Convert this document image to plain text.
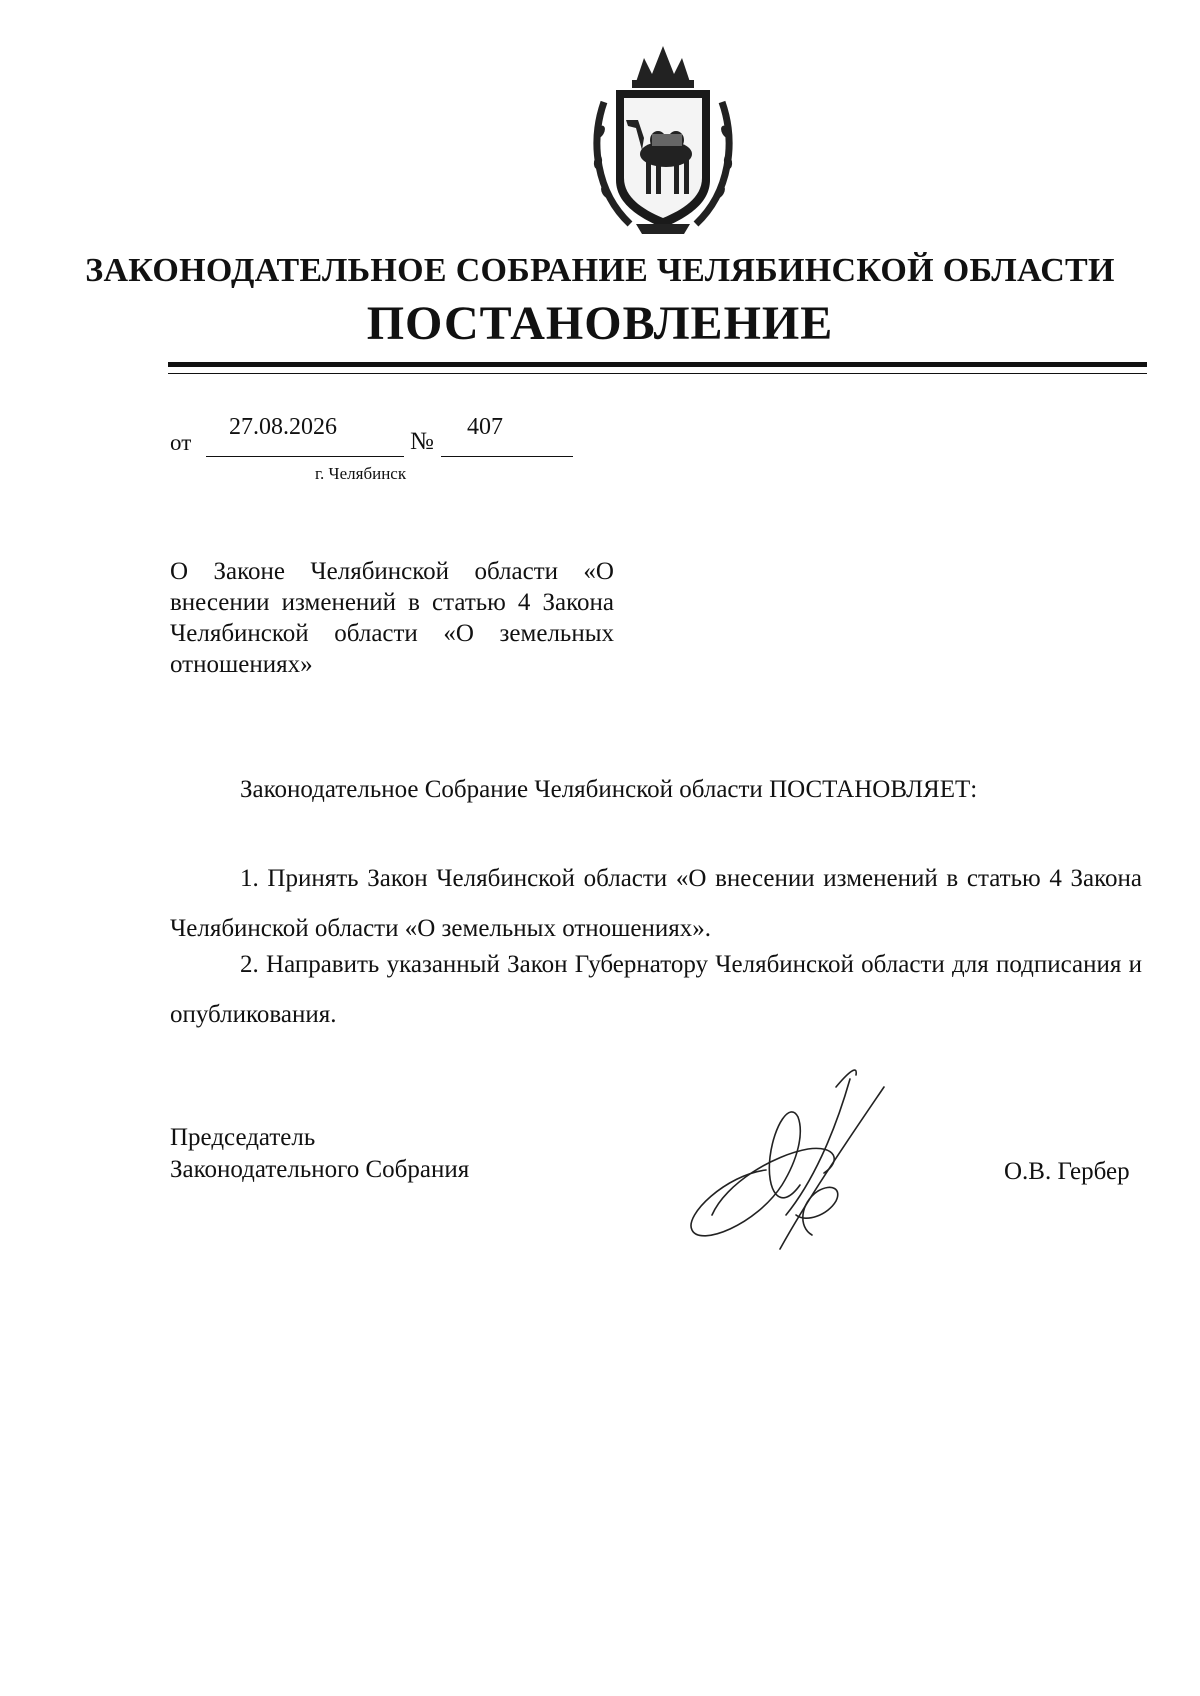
ЗАКОНОДАТЕЛЬНОЕ СОБРАНИЕ ЧЕЛЯБИНСКОЙ ОБЛАСТИ
ПОСТАНОВЛЕНИЕ
от
27.08.2026
№
407
г. Челябинск
О Законе Челябинской области «О внесении изменений в статью 4 Закона Челябинской области «О земельных отношениях»
Законодательное Собрание Челябинской области ПОСТАНОВЛЯЕТ:
1. Принять Закон Челябинской области «О внесении изменений в статью 4 Закона Челябинской области «О земельных отношениях».
2. Направить указанный Закон Губернатору Челябинской области для подписания и опубликования.
Председатель
Законодательного Собрания	О.В. Гербер
